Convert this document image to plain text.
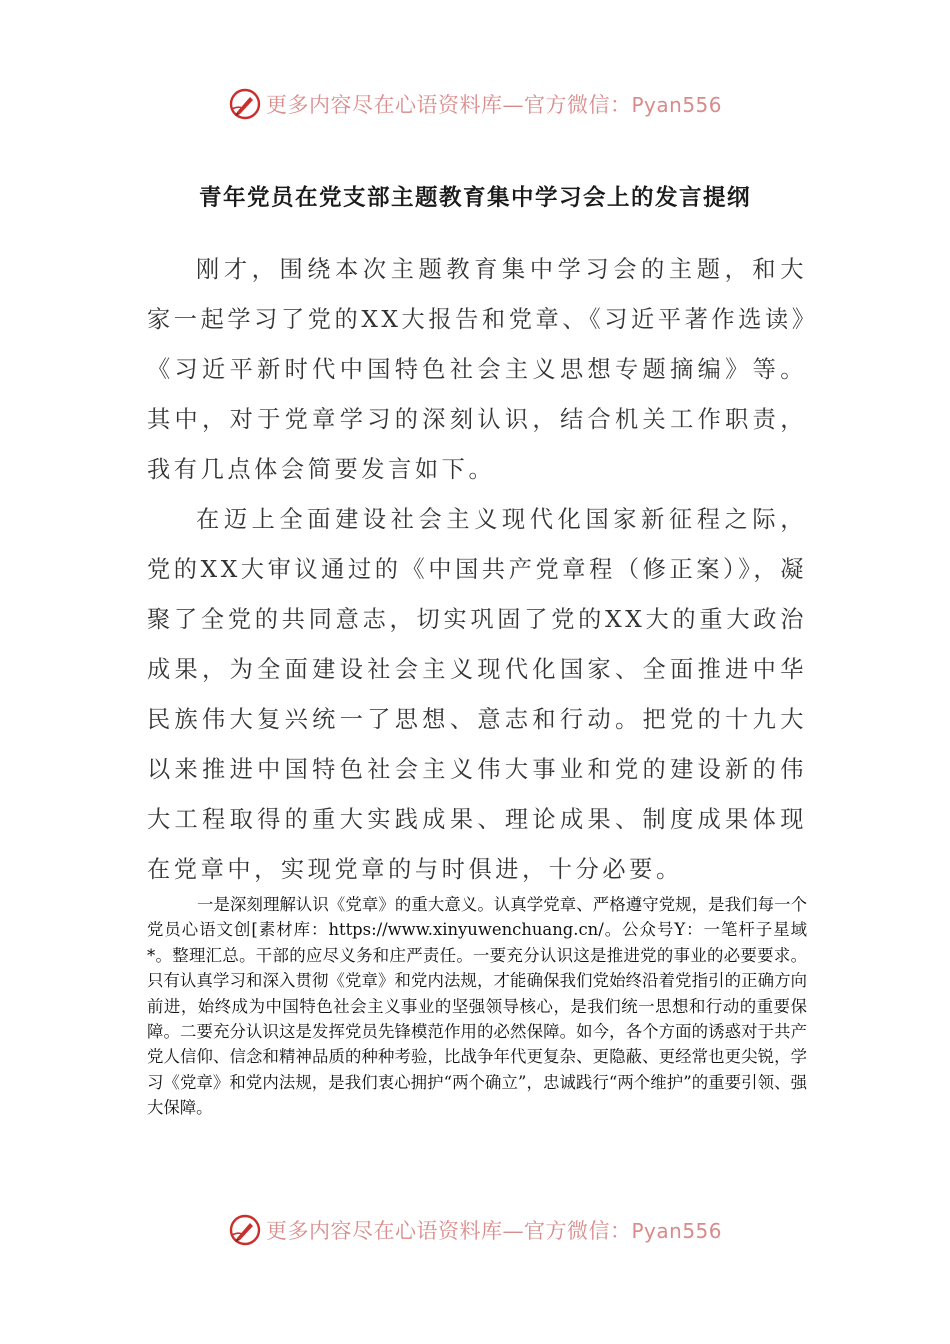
更多内容尽在心语资料库—官方微信：Pyan556
青年党员在党支部主题教育集中学习会上的发言提纲

刚才，围绕本次主题教育集中学习会的主题，和大家一起学习了党的XX大报告和党章、《习近平著作选读》《习近平新时代中国特色社会主义思想专题摘编》等。其中，对于党章学习的深刻认识，结合机关工作职责，我有几点体会简要发言如下。

在迈上全面建设社会主义现代化国家新征程之际，党的XX大审议通过的《中国共产党章程（修正案）》，凝聚了全党的共同意志，切实巩固了党的XX大的重大政治成果，为全面建设社会主义现代化国家、全面推进中华民族伟大复兴统一了思想、意志和行动。把党的十九大以来推进中国特色社会主义伟大事业和党的建设新的伟大工程取得的重大实践成果、理论成果、制度成果体现在党章中，实现党章的与时俱进，十分必要。

一是深刻理解认识《党章》的重大意义。认真学党章、严格遵守党规，是我们每一个党员心语文创[素材库：https://www.xinyuwenchuang.cn/。公众号Y：一笔杆子星域*。整理汇总。干部的应尽义务和庄严责任。一要充分认识这是推进党的事业的必要要求。只有认真学习和深入贯彻《党章》和党内法规，才能确保我们党始终沿着党指引的正确方向前进，始终成为中国特色社会主义事业的坚强领导核心，是我们统一思想和行动的重要保障。二要充分认识这是发挥党员先锋模范作用的必然保障。如今，各个方面的诱惑对于共产党人信仰、信念和精神品质的种种考验，比战争年代更复杂、更隐蔽、更经常也更尖锐，学习《党章》和党内法规，是我们衷心拥护“两个确立”，忠诚践行“两个维护”的重要引领、强大保障。

更多内容尽在心语资料库—官方微信：Pyan556
